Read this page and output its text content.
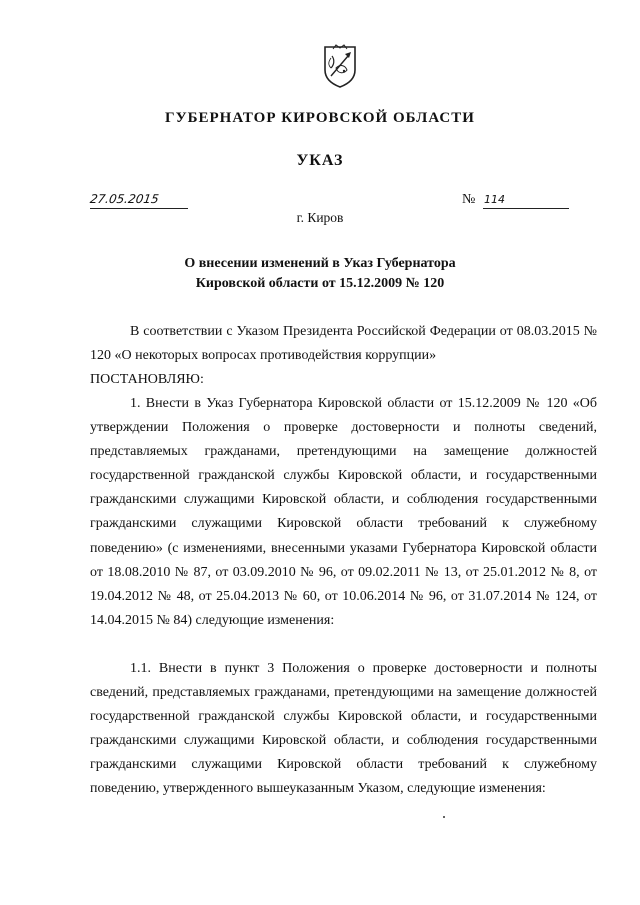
ГУБЕРНАТОР КИРОВСКОЙ ОБЛАСТИ
УКАЗ
27.05.2015	№ 114
г. Киров
О внесении изменений в Указ Губернатора
Кировской области от 15.12.2009 № 120

В соответствии с Указом Президента Российской Федерации от 08.03.2015 № 120 «О некоторых вопросах противодействия коррупции»

ПОСТАНОВЛЯЮ:

1. Внести в Указ Губернатора Кировской области от 15.12.2009 № 120 «Об утверждении Положения о проверке достоверности и полноты сведений, представляемых гражданами, претендующими на замещение должностей государственной гражданской службы Кировской области, и государственными гражданскими служащими Кировской области, и соблюдения государственными гражданскими служащими Кировской области требований к служебному поведению» (с изменениями, внесенными указами Губернатора Кировской области от 18.08.2010 № 87, от 03.09.2010 № 96, от 09.02.2011 № 13, от 25.01.2012 № 8, от 19.04.2012 № 48, от 25.04.2013 № 60, от 10.06.2014 № 96, от 31.07.2014 № 124, от 14.04.2015 № 84) следующие изменения:

1.1. Внести в пункт 3 Положения о проверке достоверности и полноты сведений, представляемых гражданами, претендующими на замещение должностей государственной гражданской службы Кировской области, и государственными гражданскими служащими Кировской области, и соблюдения государственными гражданскими служащими Кировской области требований к служебному поведению, утвержденного вышеуказанным Указом, следующие изменения:
